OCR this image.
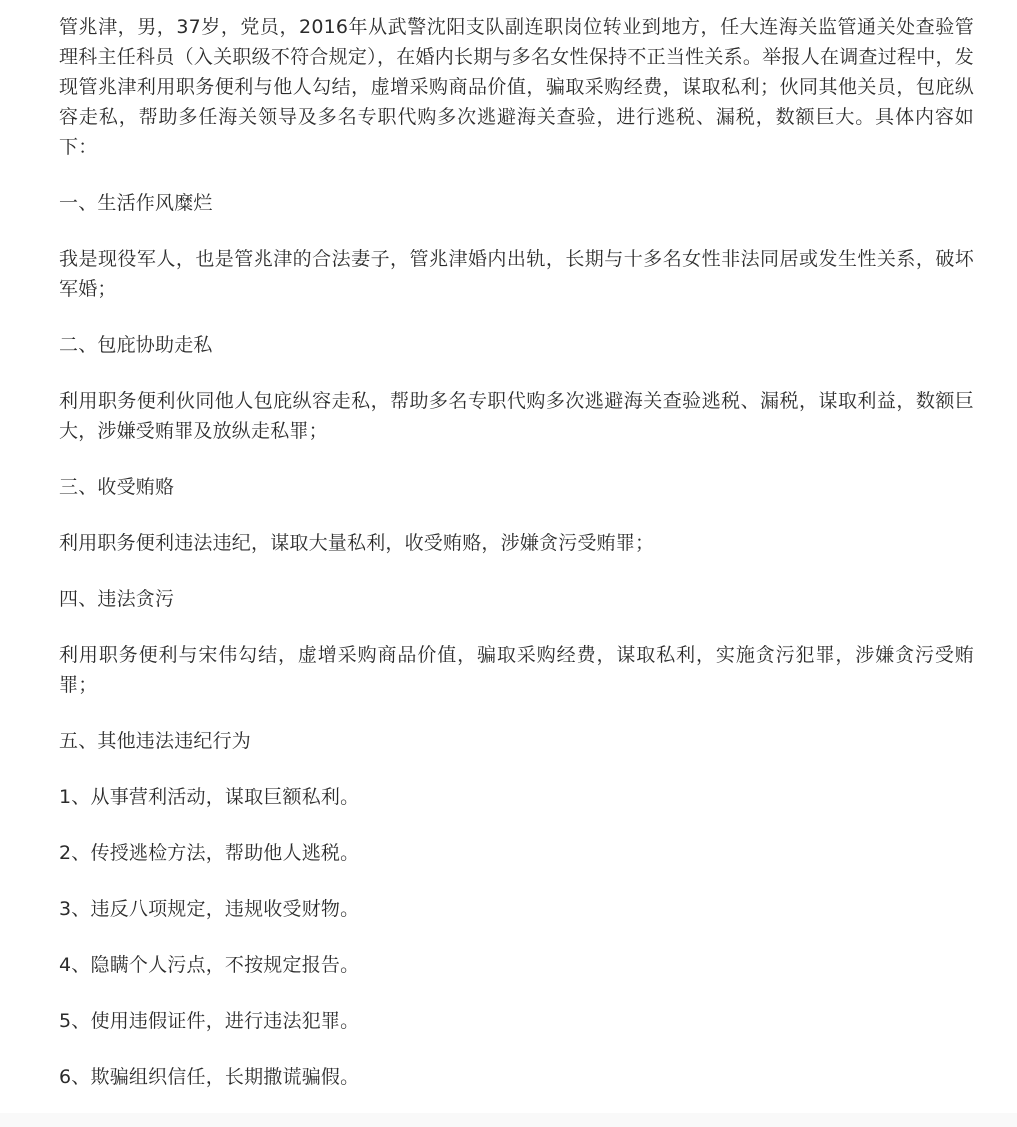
管兆津，男，37岁，党员，2016年从武警沈阳支队副连职岗位转业到地方，任大连海关监管通关处查验管理科主任科员（入关职级不符合规定），在婚内长期与多名女性保持不正当性关系。举报人在调查过程中，发现管兆津利用职务便利与他人勾结，虚增采购商品价值，骗取采购经费，谋取私利；伙同其他关员，包庇纵容走私，帮助多任海关领导及多名专职代购多次逃避海关查验，进行逃税、漏税，数额巨大。具体内容如下：

一、生活作风糜烂

我是现役军人，也是管兆津的合法妻子，管兆津婚内出轨，长期与十多名女性非法同居或发生性关系，破坏军婚；

二、包庇协助走私

利用职务便利伙同他人包庇纵容走私，帮助多名专职代购多次逃避海关查验逃税、漏税，谋取利益，数额巨大，涉嫌受贿罪及放纵走私罪；

三、收受贿赂

利用职务便利违法违纪，谋取大量私利，收受贿赂，涉嫌贪污受贿罪；

四、违法贪污

利用职务便利与宋伟勾结，虚增采购商品价值，骗取采购经费，谋取私利，实施贪污犯罪，涉嫌贪污受贿罪；

五、其他违法违纪行为

1、从事营利活动，谋取巨额私利。

2、传授逃检方法，帮助他人逃税。

3、违反八项规定，违规收受财物。

4、隐瞒个人污点，不按规定报告。

5、使用违假证件，进行违法犯罪。

6、欺骗组织信任，长期撒谎骗假。
